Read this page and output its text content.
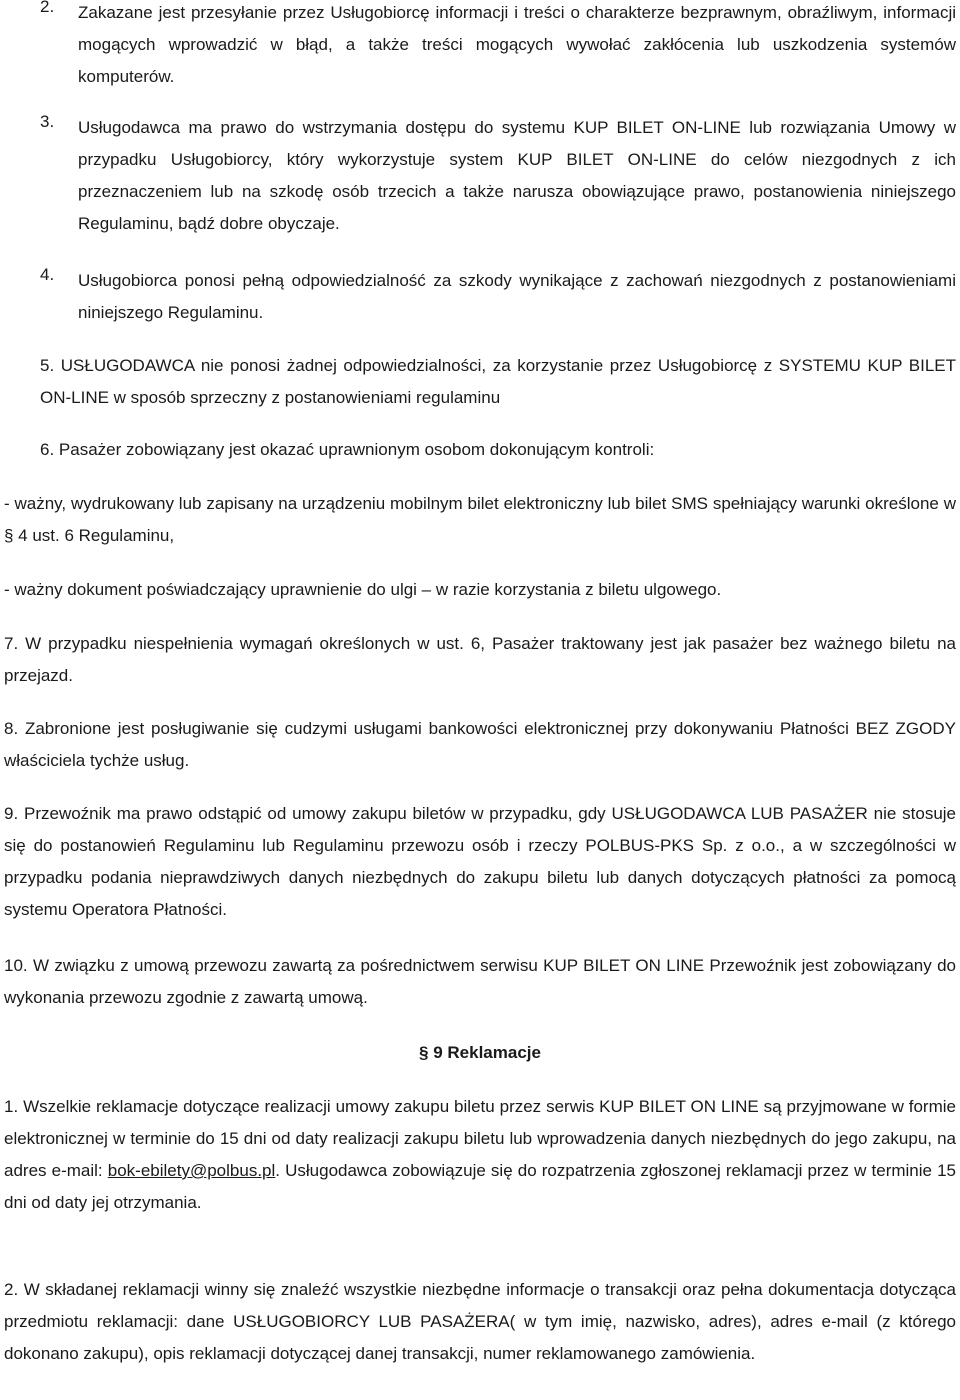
2.	Zakazane jest przesyłanie przez Usługobiorcę informacji i treści o charakterze bezprawnym, obraźliwym, informacji mogących wprowadzić w błąd, a także treści mogących wywołać zakłócenia lub uszkodzenia systemów komputerów.
3.	Usługodawca ma prawo do wstrzymania dostępu do systemu KUP BILET ON-LINE lub rozwiązania Umowy w przypadku Usługobiorcy, który wykorzystuje system KUP BILET ON-LINE do celów niezgodnych z ich przeznaczeniem lub na szkodę osób trzecich a także narusza obowiązujące prawo, postanowienia niniejszego Regulaminu, bądź dobre obyczaje.
4.	Usługobiorca ponosi pełną odpowiedzialność za szkody wynikające z zachowań niezgodnych z postanowieniami niniejszego Regulaminu.
5. USŁUGODAWCA nie ponosi żadnej odpowiedzialności, za korzystanie przez Usługobiorcę z SYSTEMU KUP BILET ON-LINE w sposób sprzeczny z postanowieniami regulaminu
6. Pasażer zobowiązany jest okazać uprawnionym osobom dokonującym kontroli:
- ważny, wydrukowany lub zapisany na urządzeniu mobilnym bilet elektroniczny lub bilet SMS spełniający warunki określone w § 4 ust. 6 Regulaminu,
- ważny dokument poświadczający uprawnienie do ulgi – w razie korzystania z biletu ulgowego.
7. W przypadku niespełnienia wymagań określonych w ust. 6, Pasażer traktowany jest jak pasażer bez ważnego biletu na przejazd.
8. Zabronione jest posługiwanie się cudzymi usługami bankowości elektronicznej przy dokonywaniu Płatności BEZ ZGODY właściciela tychże usług.
9. Przewoźnik ma prawo odstąpić od umowy zakupu biletów w przypadku, gdy USŁUGODAWCA LUB PASAŻER nie stosuje się do postanowień Regulaminu lub Regulaminu przewozu osób i rzeczy POLBUS-PKS Sp. z o.o., a w szczególności w przypadku podania nieprawdziwych danych niezbędnych do zakupu biletu lub danych dotyczących płatności za pomocą systemu Operatora Płatności.
10. W związku z umową przewozu zawartą za pośrednictwem serwisu KUP BILET ON LINE Przewoźnik jest zobowiązany do wykonania przewozu zgodnie z zawartą umową.
§ 9 Reklamacje
1. Wszelkie reklamacje dotyczące realizacji umowy zakupu biletu przez serwis KUP BILET ON LINE są przyjmowane w formie elektronicznej w terminie do 15 dni od daty realizacji zakupu biletu lub wprowadzenia danych niezbędnych do jego zakupu, na adres e-mail: bok-ebilety@polbus.pl. Usługodawca zobowiązuje się do rozpatrzenia zgłoszonej reklamacji przez w terminie 15 dni od daty jej otrzymania.
2. W składanej reklamacji winny się znaleźć wszystkie niezbędne informacje o transakcji oraz pełna dokumentacja dotycząca przedmiotu reklamacji: dane USŁUGOBIORCY LUB PASAŻERA( w tym imię, nazwisko, adres), adres e-mail (z którego dokonano zakupu), opis reklamacji dotyczącej danej transakcji, numer reklamowanego zamówienia.
